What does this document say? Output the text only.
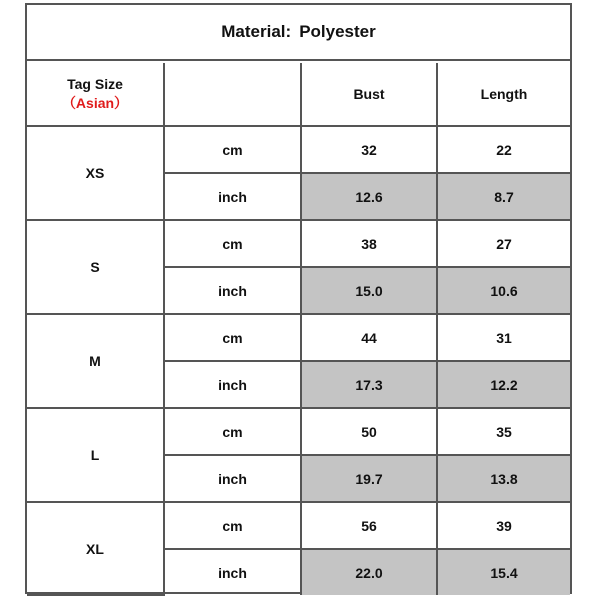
Material: Polyester
Tag Size
（Asian）		Bust	Length
XS	cm	32	22
	inch	12.6	8.7
S	cm	38	27
	inch	15.0	10.6
M	cm	44	31
	inch	17.3	12.2
L	cm	50	35
	inch	19.7	13.8
XL	cm	56	39
	inch	22.0	15.4
